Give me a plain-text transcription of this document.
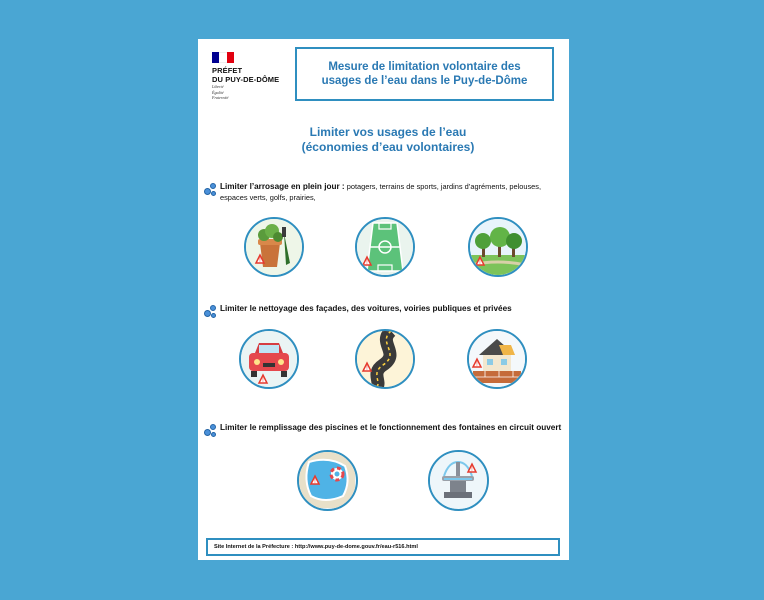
PRÉFET
DU PUY-DE-DÔME
Liberté
Égalité
Fraternité
Mesure de limitation volontaire des
usages de l’eau dans le Puy-de-Dôme
Limiter vos usages de l’eau
(économies d’eau volontaires)
Limiter l’arrosage en plein jour : potagers, terrains de sports, jardins d’agréments, pelouses, espaces verts, golfs, prairies,
Limiter le nettoyage des façades, des voitures, voiries publiques et privées
Limiter le remplissage des piscines et le fonctionnement des fontaines en circuit ouvert
!	!	!
!
!
!
!
!
Site Internet de la Préfecture : http://www.puy-de-dome.gouv.fr/eau-r516.html
